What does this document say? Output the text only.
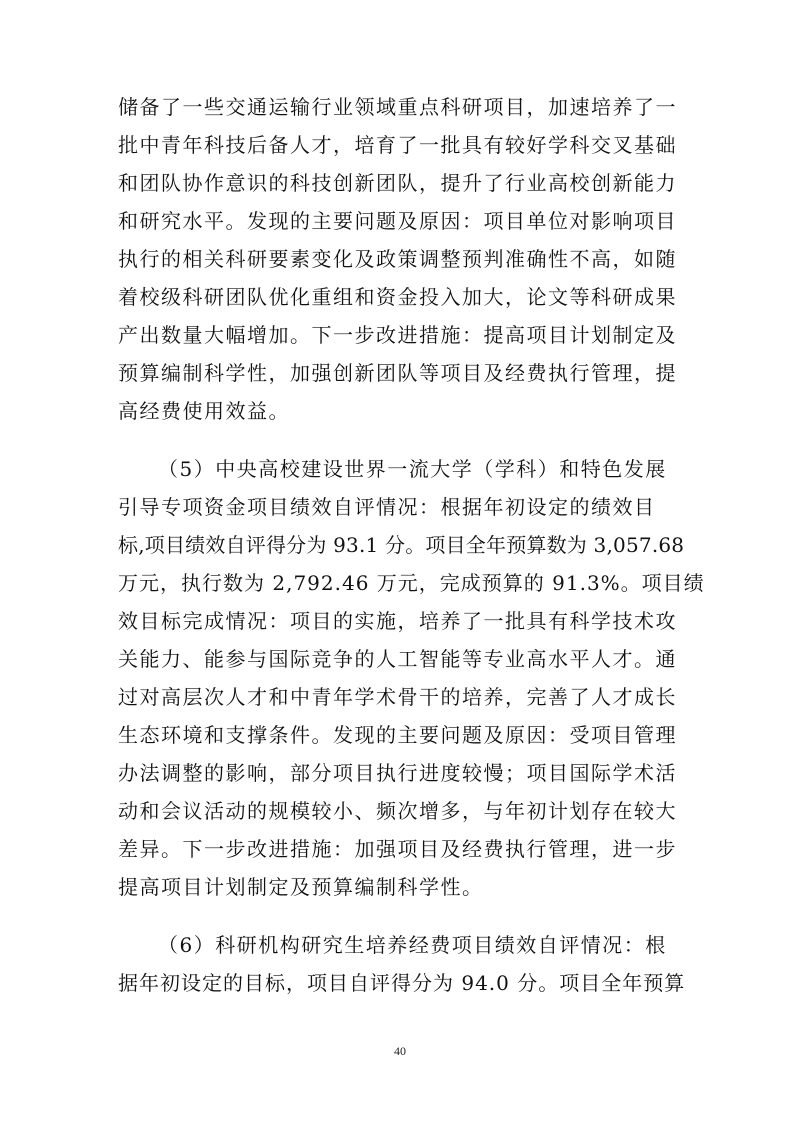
储备了一些交通运输行业领域重点科研项目，加速培养了一
批中青年科技后备人才，培育了一批具有较好学科交叉基础
和团队协作意识的科技创新团队，提升了行业高校创新能力
和研究水平。发现的主要问题及原因：项目单位对影响项目
执行的相关科研要素变化及政策调整预判准确性不高，如随
着校级科研团队优化重组和资金投入加大，论文等科研成果
产出数量大幅增加。下一步改进措施：提高项目计划制定及
预算编制科学性，加强创新团队等项目及经费执行管理，提
高经费使用效益。
（5）中央高校建设世界一流大学（学科）和特色发展
引导专项资金项目绩效自评情况：根据年初设定的绩效目
标,项目绩效自评得分为 93.1 分。项目全年预算数为 3,057.68
万元，执行数为 2,792.46 万元，完成预算的 91.3%。项目绩
效目标完成情况：项目的实施，培养了一批具有科学技术攻
关能力、能参与国际竞争的人工智能等专业高水平人才。通
过对高层次人才和中青年学术骨干的培养，完善了人才成长
生态环境和支撑条件。发现的主要问题及原因：受项目管理
办法调整的影响，部分项目执行进度较慢；项目国际学术活
动和会议活动的规模较小、频次增多，与年初计划存在较大
差异。下一步改进措施：加强项目及经费执行管理，进一步
提高项目计划制定及预算编制科学性。
（6）科研机构研究生培养经费项目绩效自评情况：根
据年初设定的目标，项目自评得分为 94.0 分。项目全年预算
40
